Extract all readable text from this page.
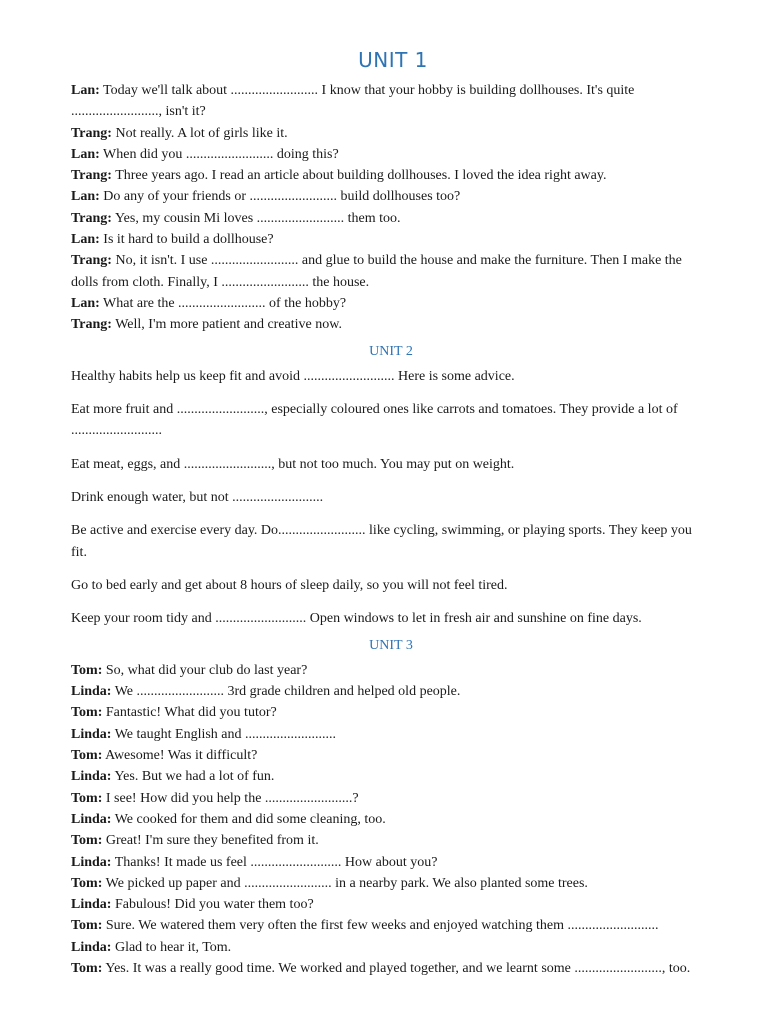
UNIT 1

Lan: Today we'll talk about ......................... I know that your hobby is building dollhouses. It's quite ........................., isn't it?

Trang: Not really. A lot of girls like it.

Lan: When did you ......................... doing this?

Trang: Three years ago. I read an article about building dollhouses. I loved the idea right away.

Lan: Do any of your friends or ......................... build dollhouses too?

Trang: Yes, my cousin Mi loves ......................... them too.

Lan: Is it hard to build a dollhouse?

Trang: No, it isn't. I use ......................... and glue to build the house and make the furniture. Then I make the dolls from cloth. Finally, I ......................... the house.

Lan: What are the ......................... of the hobby?

Trang: Well, I'm more patient and creative now.

UNIT 2

Healthy habits help us keep fit and avoid .......................... Here is some advice.

Eat more fruit and ........................., especially coloured ones like carrots and tomatoes. They provide a lot of ..........................

Eat meat, eggs, and ........................., but not too much. You may put on weight.

Drink enough water, but not ..........................

Be active and exercise every day. Do......................... like cycling, swimming, or playing sports. They keep you fit.

Go to bed early and get about 8 hours of sleep daily, so you will not feel tired.

Keep your room tidy and .......................... Open windows to let in fresh air and sunshine on fine days.

UNIT 3

Tom: So, what did your club do last year?

Linda: We ......................... 3rd grade children and helped old people.

Tom: Fantastic! What did you tutor?

Linda: We taught English and ..........................

Tom: Awesome! Was it difficult?

Linda: Yes. But we had a lot of fun.

Tom: I see! How did you help the .........................?

Linda: We cooked for them and did some cleaning, too.

Tom: Great! I'm sure they benefited from it.

Linda: Thanks! It made us feel .......................... How about you?

Tom: We picked up paper and ......................... in a nearby park. We also planted some trees.

Linda: Fabulous! Did you water them too?

Tom: Sure. We watered them very often the first few weeks and enjoyed watching them ..........................

Linda: Glad to hear it, Tom.

Tom: Yes. It was a really good time. We worked and played together, and we learnt some ........................., too.
